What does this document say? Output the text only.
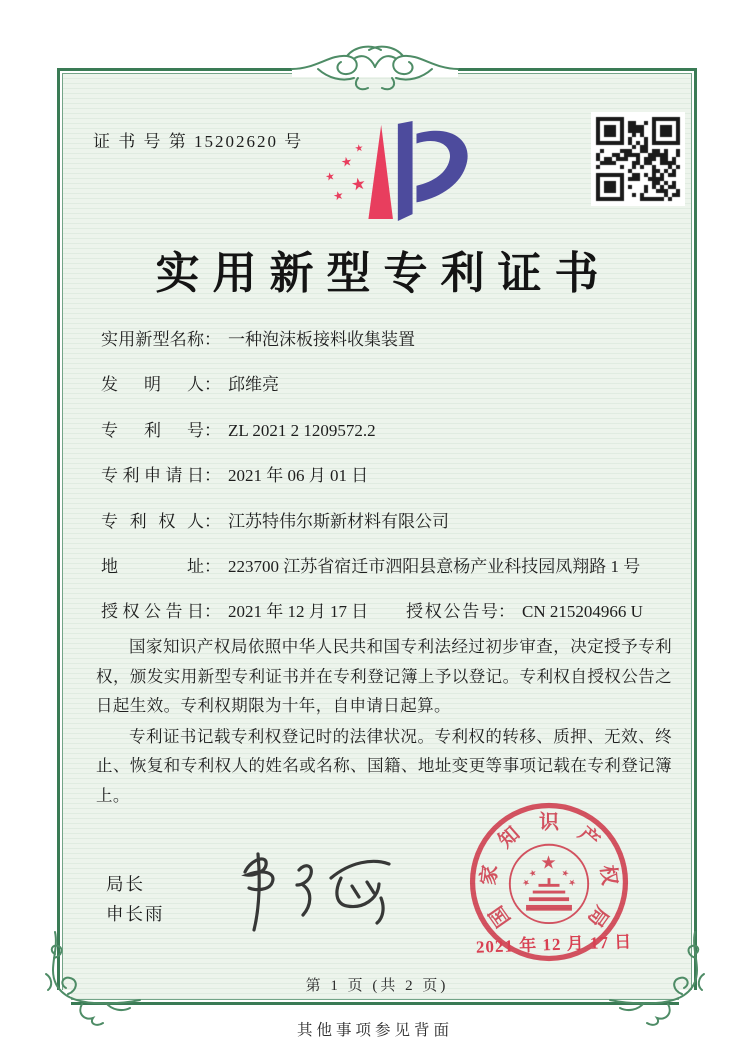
证 书 号 第 15202620 号
★
★
★
★
★
实用新型专利证书
实用新型名称： 一种泡沫板接料收集装置
发明人： 邱维亮
专利号： ZL 2021 2 1209572.2
专利申请日： 2021 年 06 月 01 日
专利权人： 江苏特伟尔斯新材料有限公司
地址： 223700 江苏省宿迁市泗阳县意杨产业科技园凤翔路 1 号
授权公告日： 2021 年 12 月 17 日 授权公告号： CN 215204966 U

国家知识产权局依照中华人民共和国专利法经过初步审查，决定授予专利权，颁发实用新型专利证书并在专利登记簿上予以登记。专利权自授权公告之日起生效。专利权期限为十年，自申请日起算。

专利证书记载专利权登记时的法律状况。专利权的转移、质押、无效、终止、恢复和专利权人的姓名或名称、国籍、地址变更等事项记载在专利登记簿上。

局长
申长雨	国
家
知
识
产
权
局
★
★ ★
★	★
2021 年 12 月 17 日
第 1 页 (共 2 页)
其他事项参见背面
